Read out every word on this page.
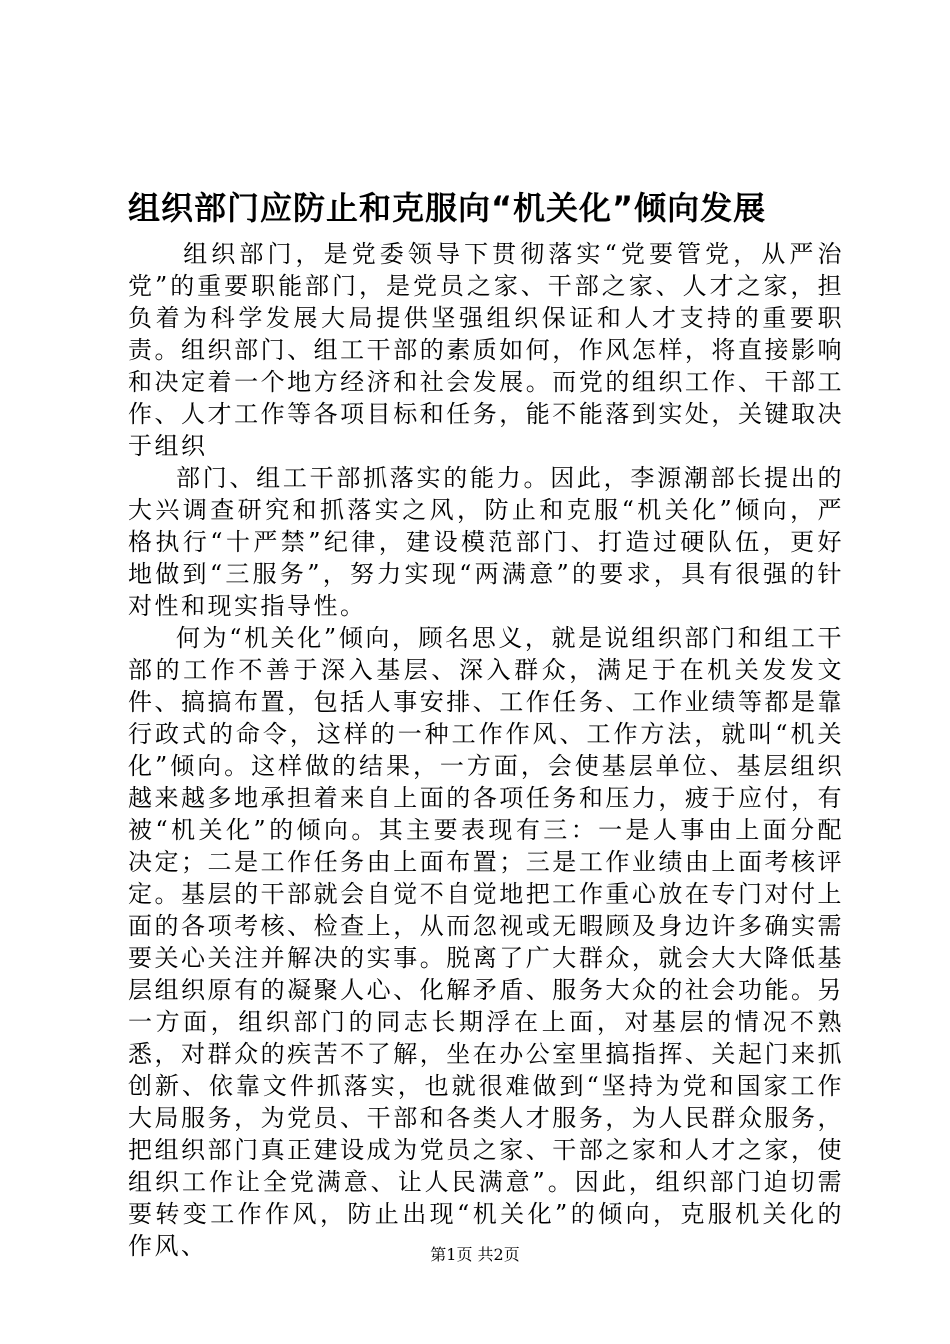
组织部门应防止和克服向“机关化”倾向发展

组织部门，是党委领导下贯彻落实“党要管党，从严治党”的重要职能部门，是党员之家、干部之家、人才之家，担负着为科学发展大局提供坚强组织保证和人才支持的重要职责。组织部门、组工干部的素质如何，作风怎样，将直接影响和决定着一个地方经济和社会发展。而党的组织工作、干部工作、人才工作等各项目标和任务，能不能落到实处，关键取决于组织

部门、组工干部抓落实的能力。因此，李源潮部长提出的大兴调查研究和抓落实之风，防止和克服“机关化”倾向，严格执行“十严禁”纪律，建设模范部门、打造过硬队伍，更好地做到“三服务”，努力实现“两满意”的要求，具有很强的针对性和现实指导性。

何为“机关化”倾向，顾名思义，就是说组织部门和组工干部的工作不善于深入基层、深入群众，满足于在机关发发文件、搞搞布置，包括人事安排、工作任务、工作业绩等都是靠行政式的命令，这样的一种工作作风、工作方法，就叫“机关化”倾向。这样做的结果，一方面，会使基层单位、基层组织越来越多地承担着来自上面的各项任务和压力，疲于应付，有被“机关化”的倾向。其主要表现有三：一是人事由上面分配决定；二是工作任务由上面布置；三是工作业绩由上面考核评定。基层的干部就会自觉不自觉地把工作重心放在专门对付上面的各项考核、检查上，从而忽视或无暇顾及身边许多确实需要关心关注并解决的实事。脱离了广大群众，就会大大降低基层组织原有的凝聚人心、化解矛盾、服务大众的社会功能。另一方面，组织部门的同志长期浮在上面，对基层的情况不熟悉，对群众的疾苦不了解，坐在办公室里搞指挥、关起门来抓创新、依靠文件抓落实，也就很难做到“坚持为党和国家工作大局服务，为党员、干部和各类人才服务，为人民群众服务，把组织部门真正建设成为党员之家、干部之家和人才之家，使组织工作让全党满意、让人民满意”。因此，组织部门迫切需要转变工作作风，防止出现“机关化”的倾向，克服机关化的作风、	第1页 共2页
